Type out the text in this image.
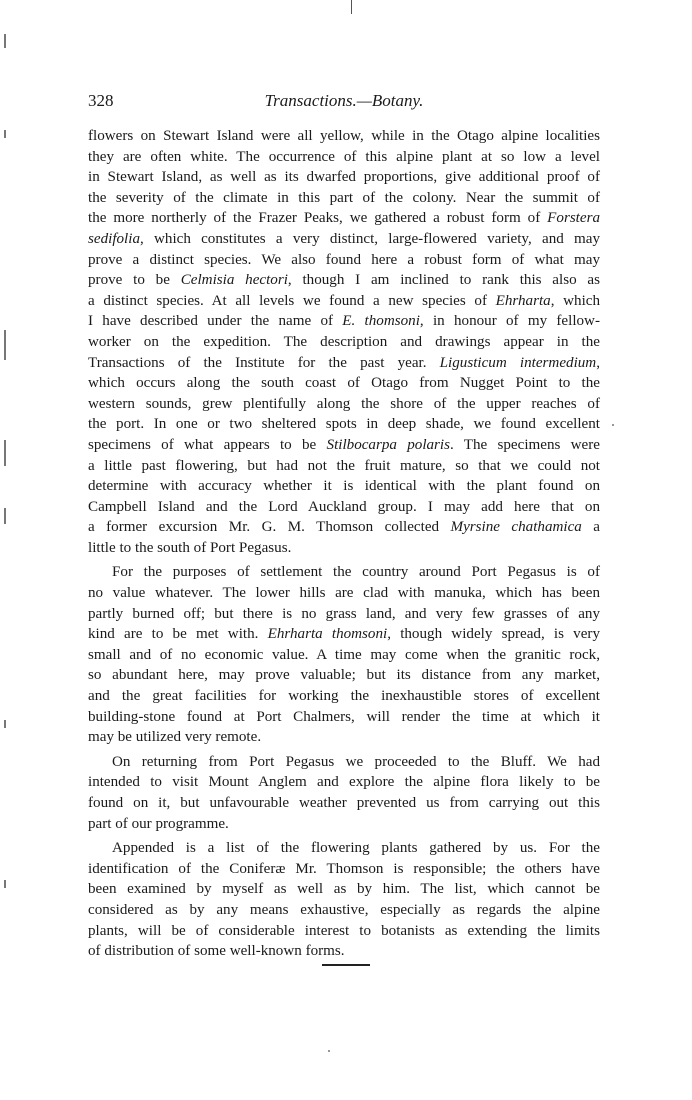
328	Transactions.—Botany.

flowers on Stewart Island were all yellow, while in the Otago alpine localities
they are often white. The occurrence of this alpine plant at so low a level
in Stewart Island, as well as its dwarfed proportions, give additional proof of
the severity of the climate in this part of the colony. Near the summit of
the more northerly of the Frazer Peaks, we gathered a robust form of Forstera
sedifolia, which constitutes a very distinct, large-flowered variety, and may
prove a distinct species. We also found here a robust form of what may
prove to be Celmisia hectori, though I am inclined to rank this also as
a distinct species. At all levels we found a new species of Ehrharta, which
I have described under the name of E. thomsoni, in honour of my fellow-
worker on the expedition. The description and drawings appear in the
Transactions of the Institute for the past year. Ligusticum intermedium,
which occurs along the south coast of Otago from Nugget Point to the
western sounds, grew plentifully along the shore of the upper reaches of
the port. In one or two sheltered spots in deep shade, we found excellent
specimens of what appears to be Stilbocarpa polaris. The specimens were
a little past flowering, but had not the fruit mature, so that we could not
determine with accuracy whether it is identical with the plant found on
Campbell Island and the Lord Auckland group. I may add here that on
a former excursion Mr. G. M. Thomson collected Myrsine chathamica a
little to the south of Port Pegasus.

For the purposes of settlement the country around Port Pegasus is of
no value whatever. The lower hills are clad with manuka, which has been
partly burned off; but there is no grass land, and very few grasses of any
kind are to be met with. Ehrharta thomsoni, though widely spread, is very
small and of no economic value. A time may come when the granitic rock,
so abundant here, may prove valuable; but its distance from any market,
and the great facilities for working the inexhaustible stores of excellent
building-stone found at Port Chalmers, will render the time at which it
may be utilized very remote.

On returning from Port Pegasus we proceeded to the Bluff. We had
intended to visit Mount Anglem and explore the alpine flora likely to be
found on it, but unfavourable weather prevented us from carrying out this
part of our programme.

Appended is a list of the flowering plants gathered by us. For the
identification of the Coniferæ Mr. Thomson is responsible; the others have
been examined by myself as well as by him. The list, which cannot be
considered as by any means exhaustive, especially as regards the alpine
plants, will be of considerable interest to botanists as extending the limits
of distribution of some well-known forms.
